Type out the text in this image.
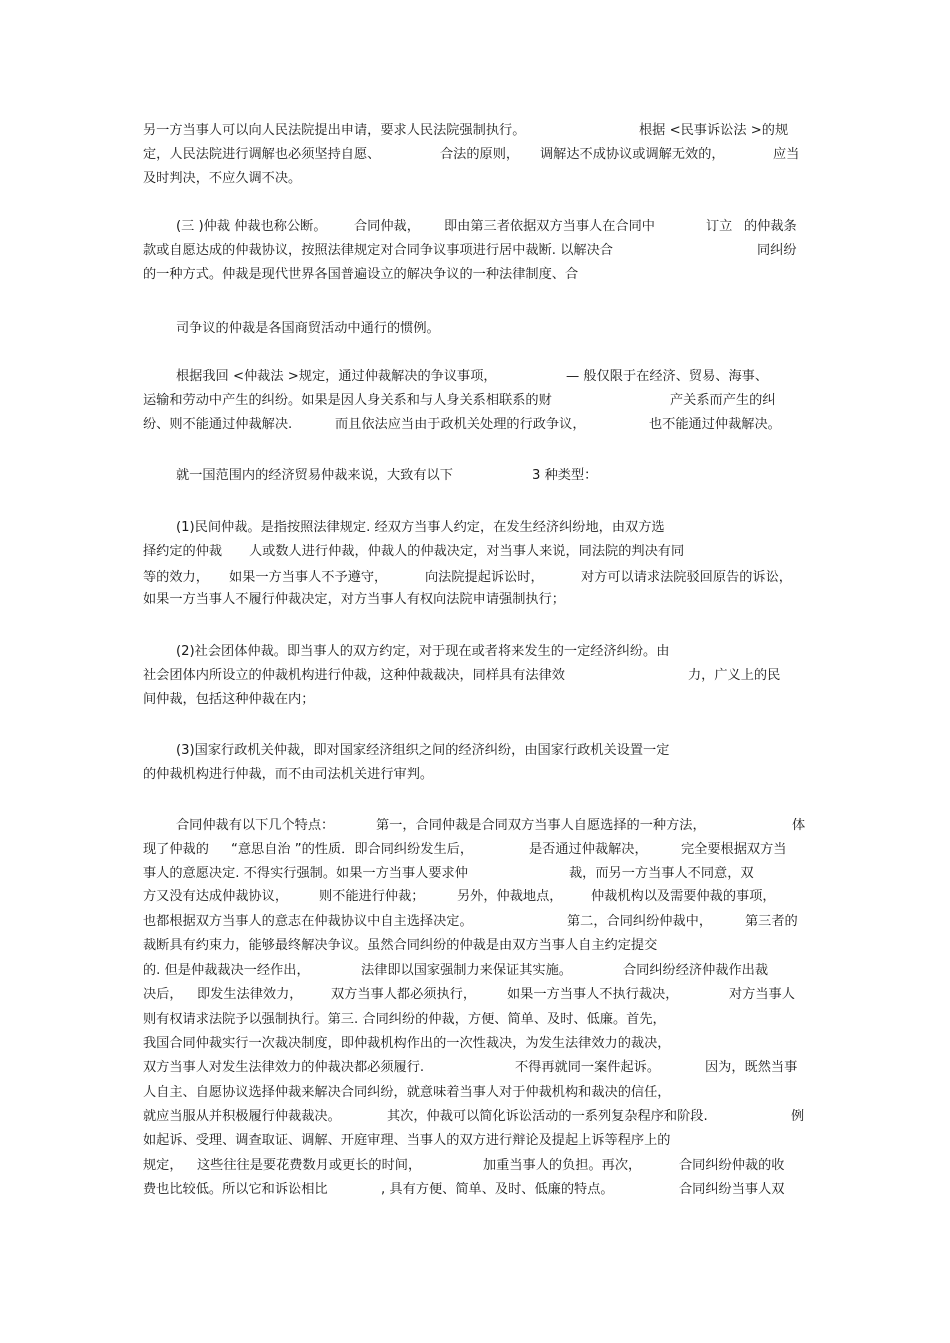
另一方当事人可以向人民法院提出申请，要求人民法院强制执行。	根据 <民事诉讼法 >的规
定，人民法院进行调解也必须坚持自愿、	合法的原则， 调解达不成协议或调解无效的，	应当
及时判决，不应久调不决。
(三 )仲裁 仲裁也称公断。 合同仲裁， 即由第三者依据双方当事人在合同中	订立 的仲裁条
款或自愿达成的仲裁协议，按照法律规定对合同争议事项进行居中裁断. 以解决合	同纠纷
的一种方式。仲裁是现代世界各国普遍设立的解决争议的一种法律制度、合
司争议的仲裁是各国商贸活动中通行的惯例。
根据我回 <仲裁法 >规定，通过仲裁解决的争议事项，	— 般仅限于在经济、贸易、海事、
运输和劳动中产生的纠纷。如果是因人身关系和与人身关系相联系的财	产关系而产生的纠
纷、则不能通过仲裁解决.	而且依法应当由于政机关处理的行政争议，	也不能通过仲裁解决。
就一国范围内的经济贸易仲裁来说，大致有以下	3 种类型：
(1)民间仲裁。是指按照法律规定. 经双方当事人约定，在发生经济纠纷地，由双方选
择约定的仲裁 人或数人进行仲裁，仲裁人的仲裁决定，对当事人来说，同法院的判决有同
等的效力， 如果一方当事人不予遵守，	向法院提起诉讼时，	对方可以请求法院驳回原告的诉讼，
如果一方当事人不履行仲裁决定，对方当事人有权向法院申请强制执行；
(2)社会团体仲裁。即当事人的双方约定，对于现在或者将来发生的一定经济纠纷。由
社会团体内所设立的仲裁机构进行仲裁，这种仲裁裁决，同样具有法律效	力，广义上的民
间仲裁，包括这种仲裁在内；
(3)国家行政机关仲裁，即对国家经济组织之间的经济纠纷，由国家行政机关设置一定
的仲裁机构进行仲裁，而不由司法机关进行审判。
合同仲裁有以下几个特点：	第一，合同仲裁是合同双方当事人自愿选择的一种方法，	体
现了仲裁的 “意思自治 ”的性质．即合同纠纷发生后，	是否通过仲裁解决，	完全要根据双方当
事人的意愿决定. 不得实行强制。如果一方当事人要求仲	裁，而另一方当事人不同意，双
方又没有达成仲裁协议， 则不能进行仲裁； 另外，仲裁地点， 仲裁机构以及需要仲裁的事项，
也都根据双方当事人的意志在仲裁协议中自主选择决定。	第二，合同纠纷仲裁中， 第三者的
裁断具有约束力，能够最终解决争议。虽然合同纠纷的仲裁是由双方当事人自主约定提交
的. 但是仲裁裁决一经作出，	法律即以国家强制力来保证其实施。	合同纠纷经济仲裁作出裁
决后， 即发生法律效力， 双方当事人都必须执行， 如果一方当事人不执行裁决，	对方当事人
则有权请求法院予以强制执行。第三. 合同纠纷的仲裁，方便、简单、及时、低廉。首先，
我国合同仲裁实行一次裁决制度，即仲裁机构作出的一次性裁决，为发生法律效力的裁决，
双方当事人对发生法律效力的仲裁决都必须履行.	不得再就同一案件起诉。	因为，既然当事
人自主、自愿协议选择仲裁来解决合同纠纷，就意味着当事人对于仲裁机构和裁决的信任，
就应当服从并积极履行仲裁裁决。	其次，仲裁可以简化诉讼活动的一系列复杂程序和阶段.	例
如起诉、受理、调查取证、调解、开庭审理、当事人的双方进行辩论及提起上诉等程序上的
规定， 这些往往是要花费数月或更长的时间，	加重当事人的负担。再次，	合同纠纷仲裁的收
费也比较低。所以它和诉讼相比	, 具有方便、简单、及时、低廉的特点。	合同纠纷当事人双
